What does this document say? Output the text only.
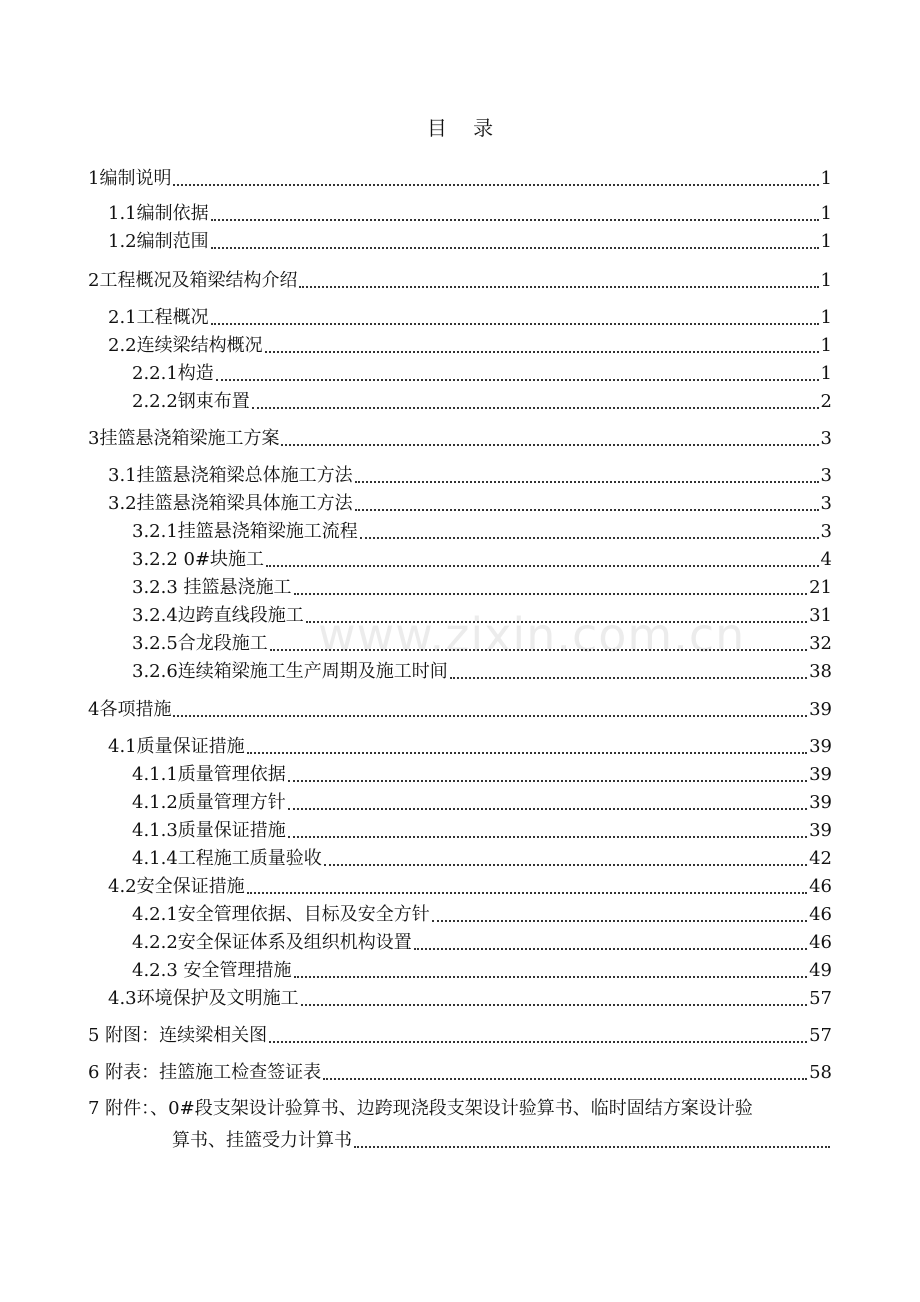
目 录
www.zixin.com.cn
1编制说明	1
1.1编制依据	1
1.2编制范围	1
2工程概况及箱梁结构介绍	1
2.1工程概况	1
2.2连续梁结构概况	1
2.2.1构造	1
2.2.2钢束布置	2
3挂篮悬浇箱梁施工方案	3
3.1挂篮悬浇箱梁总体施工方法	3
3.2挂篮悬浇箱梁具体施工方法	3
3.2.1挂篮悬浇箱梁施工流程	3
3.2.2 0#块施工	4
3.2.3 挂篮悬浇施工	21
3.2.4边跨直线段施工	31
3.2.5合龙段施工	32
3.2.6连续箱梁施工生产周期及施工时间	38
4各项措施	39
4.1质量保证措施	39
4.1.1质量管理依据	39
4.1.2质量管理方针	39
4.1.3质量保证措施	39
4.1.4工程施工质量验收	42
4.2安全保证措施	46
4.2.1安全管理依据、目标及安全方针	46
4.2.2安全保证体系及组织机构设置	46
4.2.3 安全管理措施	49
4.3环境保护及文明施工	57
5 附图：连续梁相关图	57
6 附表：挂篮施工检查签证表	58
7 附件：、0#段支架设计验算书、边跨现浇段支架设计验算书、临时固结方案设计验
算书、挂篮受力计算书
